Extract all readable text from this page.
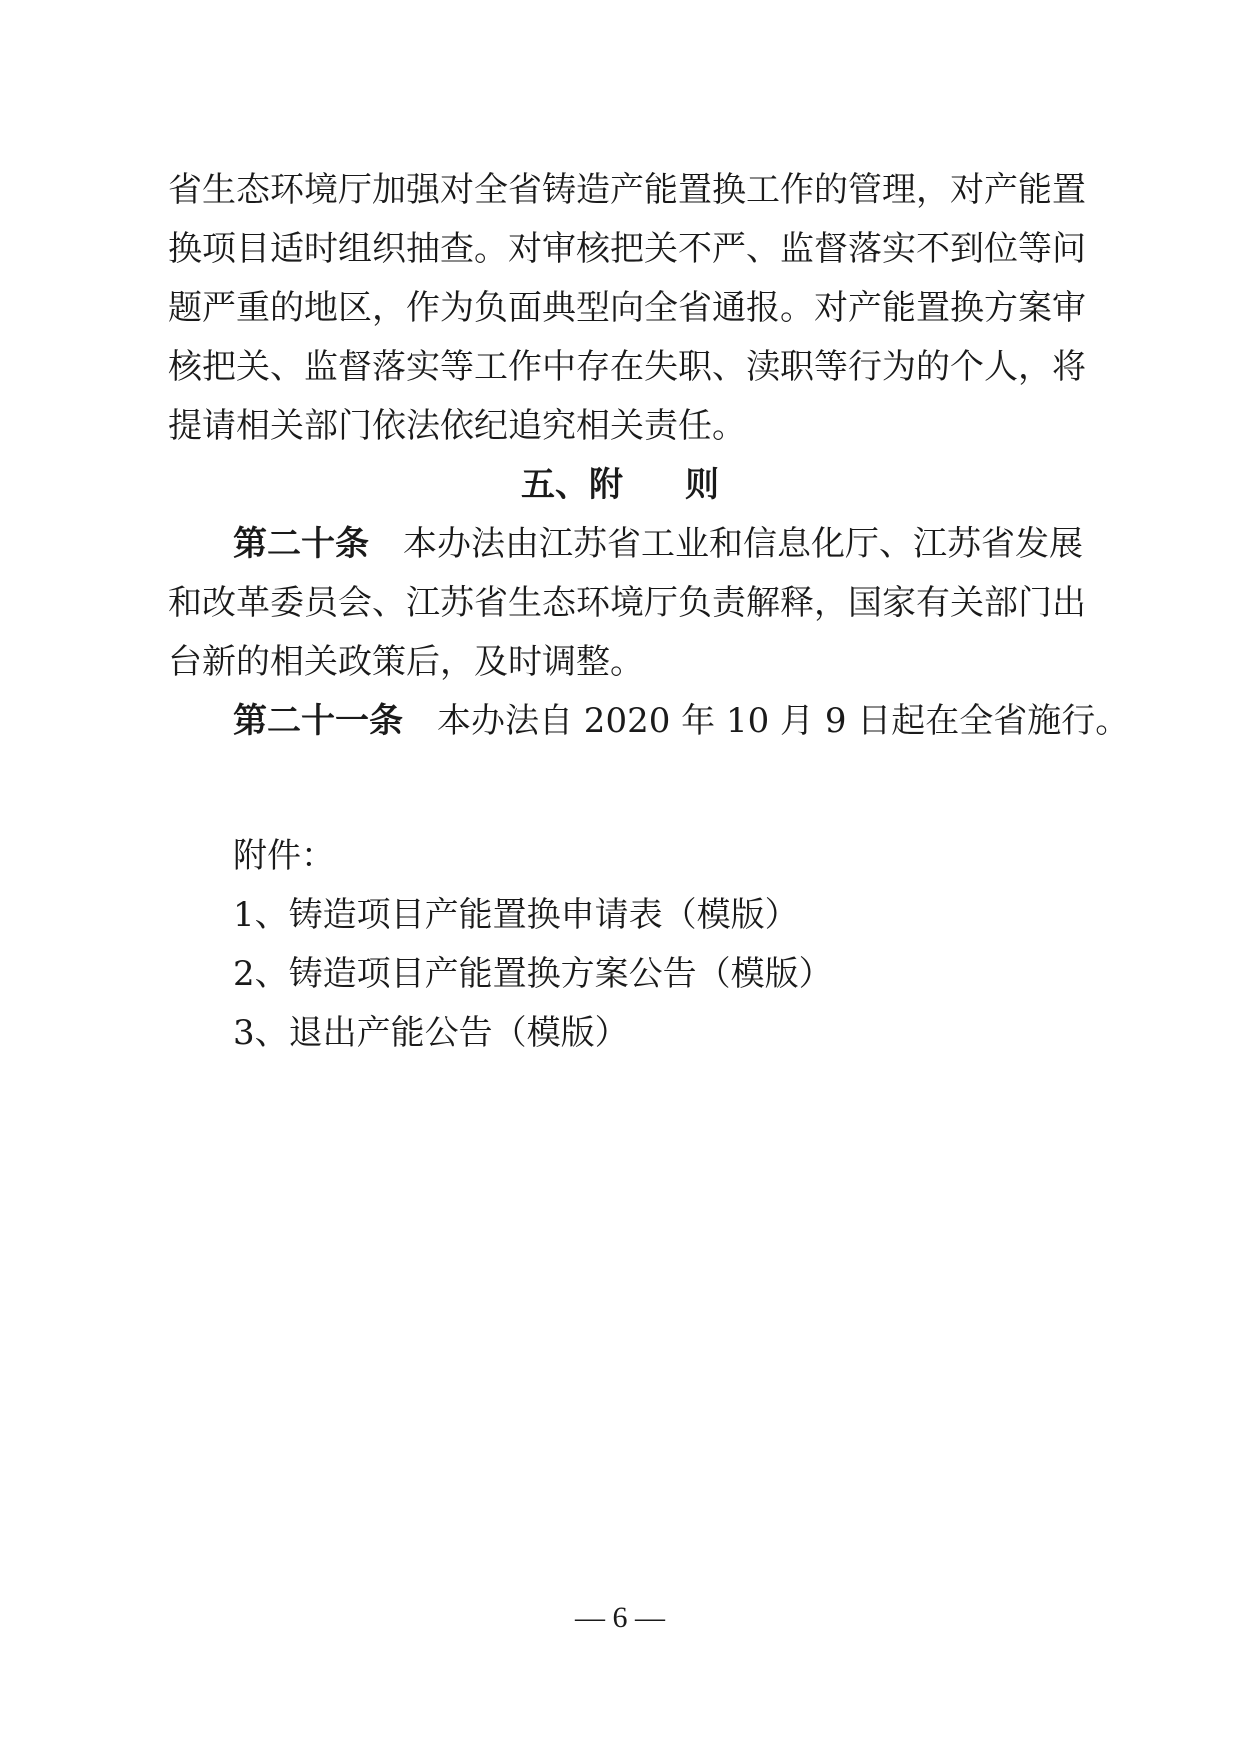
省生态环境厅加强对全省铸造产能置换工作的管理，对产能置

换项目适时组织抽查。对审核把关不严、监督落实不到位等问

题严重的地区，作为负面典型向全省通报。对产能置换方案审

核把关、监督落实等工作中存在失职、渎职等行为的个人，将

提请相关部门依法依纪追究相关责任。

五、附 则

第二十条 本办法由江苏省工业和信息化厅、江苏省发展

和改革委员会、江苏省生态环境厅负责解释，国家有关部门出

台新的相关政策后，及时调整。

第二十一条 本办法自 2020 年 10 月 9 日起在全省施行。

附件：

1、铸造项目产能置换申请表（模版）

2、铸造项目产能置换方案公告（模版）

3、退出产能公告（模版）

— 6 —
